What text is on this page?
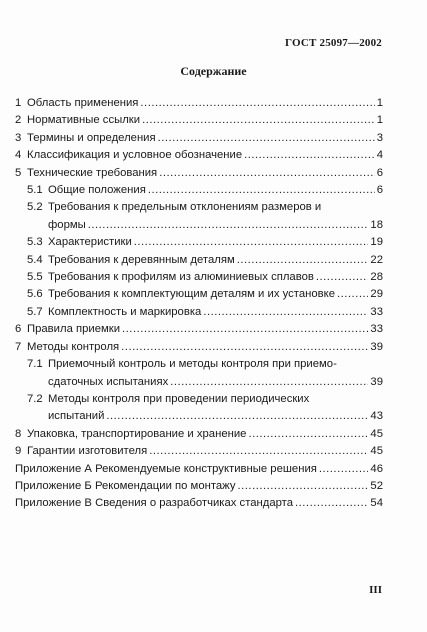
ГОСТ 25097—2002
Содержание
1 Область применения .....	1
2 Нормативные ссылки .....	1
3 Термины и определения .....	3
4 Классификация и условное обозначение .....	4
5 Технические требования .....	6
5.1 Общие положения .....	6
5.2 Требования к предельным отклонениям размеров и
формы .....	18
5.3 Характеристики .....	19
5.4 Требования к деревянным деталям .....	22
5.5 Требования к профилям из алюминиевых сплавов .....	28
5.6 Требования к комплектующим деталям и их установке .....	29
5.7 Комплектность и маркировка .....	33
6 Правила приемки .....	33
7 Методы контроля .....	39
7.1 Приемочный контроль и методы контроля при приемо-
сдаточных испытаниях .....	39
7.2 Методы контроля при проведении периодических
испытаний .....	43
8 Упаковка, транспортирование и хранение .....	45
9 Гарантии изготовителя .....	45
Приложение А Рекомендуемые конструктивные решения .....	46
Приложение Б Рекомендации по монтажу .....	52
Приложение В Сведения о разработчиках стандарта .....	54
III
